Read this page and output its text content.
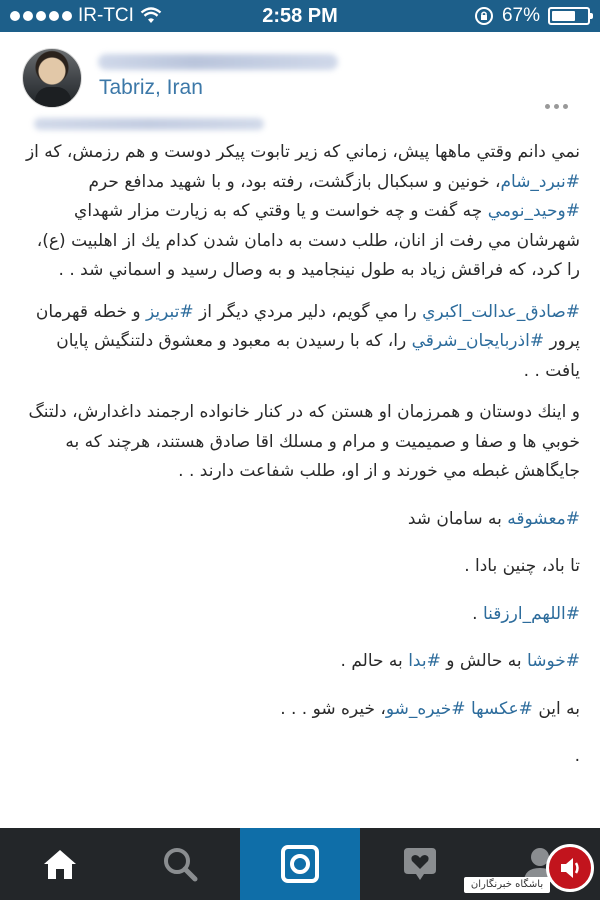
IR-TCI	2:58 PM	67%
Tabriz, Iran

نمي دانم وقتي ماهها پيش، زماني كه زير تابوت پيكر دوست و هم رزمش، كه از #نبرد_شام، خونين و سبكبال بازگشت، رفته بود، و با شهيد مدافع حرم #وحيد_نومي چه گفت و چه خواست و يا وقتي كه به زيارت مزار شهداي شهرشان مي رفت از انان، طلب دست به دامان شدن كدام يك از اهلبيت (ع)، را كرد، كه فراقش زياد به طول نينجاميد و به وصال رسيد و اسماني شد . .

#صادق_عدالت_اكبري را مي گويم، دلير مردي ديگر از #تبريز و خطه قهرمان پرور #اذربايجان_شرقي را، كه با رسيدن به معبود و معشوق دلتنگيش پايان يافت . .

و اينك دوستان و همرزمان او هستن كه در كنار خانواده ارجمند داغدارش، دلتنگ خوبي ها و صفا و صميميت و مرام و مسلك اقا صادق هستند، هرچند كه به جايگاهش غبطه مي خورند و از او، طلب شفاعت دارند . .

#معشوقه به سامان شد

تا باد، چنين بادا .

#اللهم_ارزقنا .

#خوشا به حالش و #بدا به حالم .

به اين #عكسها #خيره_شو، خيره شو . . .

.

باشگاه خبرنگاران
